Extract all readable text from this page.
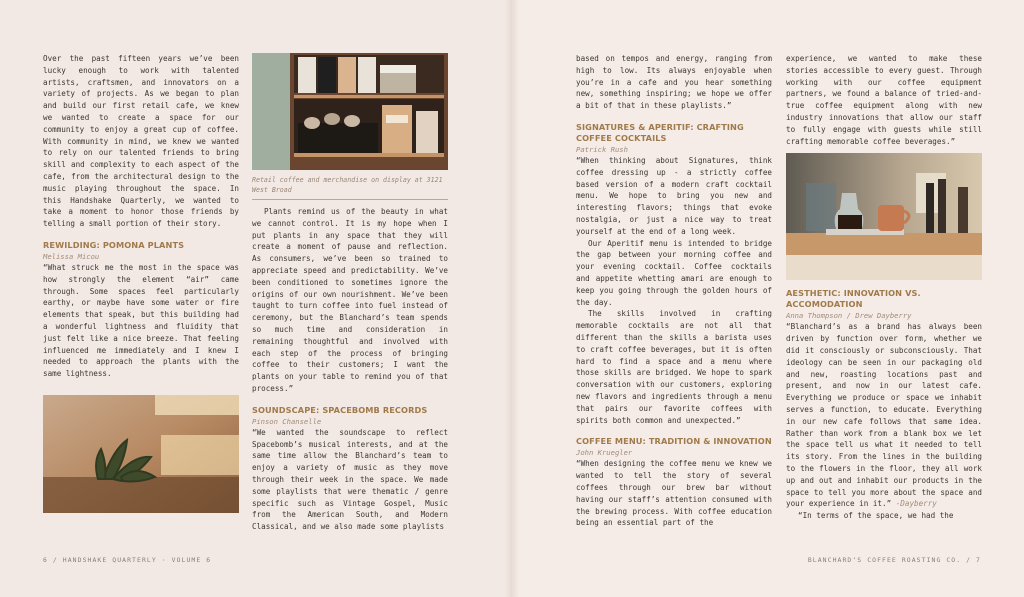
Over the past fifteen years we’ve been lucky enough to work with talented artists, craftsmen, and innovators on a variety of projects. As we began to plan and build our first retail cafe, we knew we wanted to create a space for our community to enjoy a great cup of coffee. With community in mind, we knew we wanted to rely on our talented friends to bring skill and complexity to each aspect of the cafe, from the architectural design to the music playing throughout the space. In this Handshake Quarterly, we wanted to take a moment to honor those friends by telling a small portion of their story.
REWILDING: POMONA PLANTS
Melissa Micou
“What struck me the most in the space was how strongly the element “air” came through. Some spaces feel particularly earthy, or maybe have some water or fire elements that speak, but this building had a wonderful lightness and fluidity that just felt like a nice breeze. That feeling influenced me immediately and I knew I needed to approach the plants with the same lightness.
Retail coffee and merchandise on display at 3121 West Broad
Plants remind us of the beauty in what we cannot control. It is my hope when I put plants in any space that they will create a moment of pause and reflection. As consumers, we’ve been so trained to appreciate speed and predictability. We’ve been conditioned to sometimes ignore the origins of our own nourishment. We’ve been taught to turn coffee into fuel instead of ceremony, but the Blanchard’s team spends so much time and consideration in remaining thoughtful and involved with each step of the process of bringing coffee to their customers; I want the plants on your table to remind you of that process.”
SOUNDSCAPE: SPACEBOMB RECORDS
Pinson Chanselle
“We wanted the soundscape to reflect Spacebomb’s musical interests, and at the same time allow the Blanchard’s team to enjoy a variety of music as they move through their week in the space. We made some playlists that were thematic / genre specific such as Vintage Gospel, Music from the American South, and Modern Classical, and we also made some playlists
6 / HANDSHAKE QUARTERLY · VOLUME 6
based on tempos and energy, ranging from high to low. Its always enjoyable when you’re in a cafe and you hear something new, something inspiring; we hope we offer a bit of that in these playlists.”
SIGNATURES & APERITIF: CRAFTING COFFEE COCKTAILS
Patrick Rush
“When thinking about Signatures, think coffee dressing up - a strictly coffee based version of a modern craft cocktail menu. We hope to bring you new and interesting flavors; things that evoke nostalgia, or just a nice way to treat yourself at the end of a long week.
Our Aperitif menu is intended to bridge the gap between your morning coffee and your evening cocktail. Coffee cocktails and appetite whetting amari are enough to keep you going through the golden hours of the day.
The skills involved in crafting memorable cocktails are not all that different than the skills a barista uses to craft coffee beverages, but it is often hard to find a space and a menu where those skills are bridged. We hope to spark conversation with our customers, exploring new flavors and ingredients through a menu that pairs our favorite coffees with spirits both common and unexpected.”
COFFEE MENU: TRADITION & INNOVATION
John Kruegler
“When designing the coffee menu we knew we wanted to tell the story of several coffees through our brew bar without having our staff’s attention consumed with the brewing process. With coffee education being an essential part of the
experience, we wanted to make these stories accessible to every guest. Through working with our coffee equipment partners, we found a balance of tried-and-true coffee equipment along with new industry innovations that allow our staff to fully engage with guests while still crafting memorable coffee beverages.”
AESTHETIC: INNOVATION VS. ACCOMODATION
Anna Thompson / Drew Dayberry
“Blanchard’s as a brand has always been driven by function over form, whether we did it consciously or subconsciously. That ideology can be seen in our packaging old and new, roasting locations past and present, and now in our latest cafe. Everything we produce or space we inhabit serves a function, to educate. Everything in our new cafe follows that same idea. Rather than work from a blank box we let the space tell us what it needed to tell its story. From the lines in the building to the flowers in the floor, they all work up and out and inhabit our products in the space to tell you more about the space and your experience in it.” -Dayberry
“In terms of the space, we had the
BLANCHARD’S COFFEE ROASTING CO. / 7
